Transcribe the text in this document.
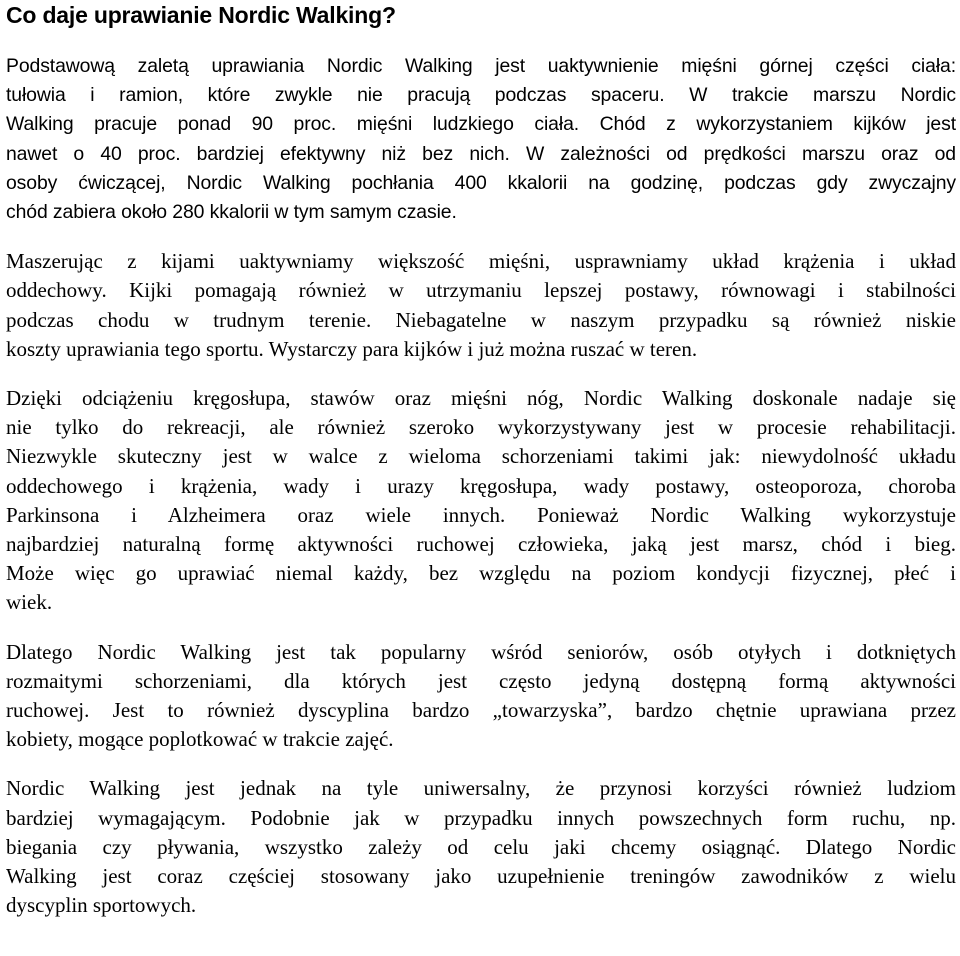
Co daje uprawianie Nordic Walking?
Podstawową zaletą uprawiania Nordic Walking jest uaktywnienie mięśni górnej części ciała:
tułowia i ramion, które zwykle nie pracują podczas spaceru. W trakcie marszu Nordic
Walking pracuje ponad 90 proc. mięśni ludzkiego ciała. Chód z wykorzystaniem kijków jest
nawet o 40 proc. bardziej efektywny niż bez nich. W zależności od prędkości marszu oraz od
osoby ćwiczącej, Nordic Walking pochłania 400 kkalorii na godzinę, podczas gdy zwyczajny
chód zabiera około 280 kkalorii w tym samym czasie.
Maszerując z kijami uaktywniamy większość mięśni, usprawniamy układ krążenia i układ
oddechowy. Kijki pomagają również w utrzymaniu lepszej postawy, równowagi i stabilności
podczas chodu w trudnym terenie. Niebagatelne w naszym przypadku są również niskie
koszty uprawiania tego sportu. Wystarczy para kijków i już można ruszać w teren.
Dzięki odciążeniu kręgosłupa, stawów oraz mięśni nóg, Nordic Walking doskonale nadaje się
nie tylko do rekreacji, ale również szeroko wykorzystywany jest w procesie rehabilitacji.
Niezwykle skuteczny jest w walce z wieloma schorzeniami takimi jak: niewydolność układu
oddechowego i krążenia, wady i urazy kręgosłupa, wady postawy, osteoporoza, choroba
Parkinsona i Alzheimera oraz wiele innych. Ponieważ Nordic Walking wykorzystuje
najbardziej naturalną formę aktywności ruchowej człowieka, jaką jest marsz, chód i bieg.
Może więc go uprawiać niemal każdy, bez względu na poziom kondycji fizycznej, płeć i
wiek.
Dlatego Nordic Walking jest tak popularny wśród seniorów, osób otyłych i dotkniętych
rozmaitymi schorzeniami, dla których jest często jedyną dostępną formą aktywności
ruchowej. Jest to również dyscyplina bardzo „towarzyska”, bardzo chętnie uprawiana przez
kobiety, mogące poplotkować w trakcie zajęć.
Nordic Walking jest jednak na tyle uniwersalny, że przynosi korzyści również ludziom
bardziej wymagającym. Podobnie jak w przypadku innych powszechnych form ruchu, np.
biegania czy pływania, wszystko zależy od celu jaki chcemy osiągnąć. Dlatego Nordic
Walking jest coraz częściej stosowany jako uzupełnienie treningów zawodników z wielu
dyscyplin sportowych.
